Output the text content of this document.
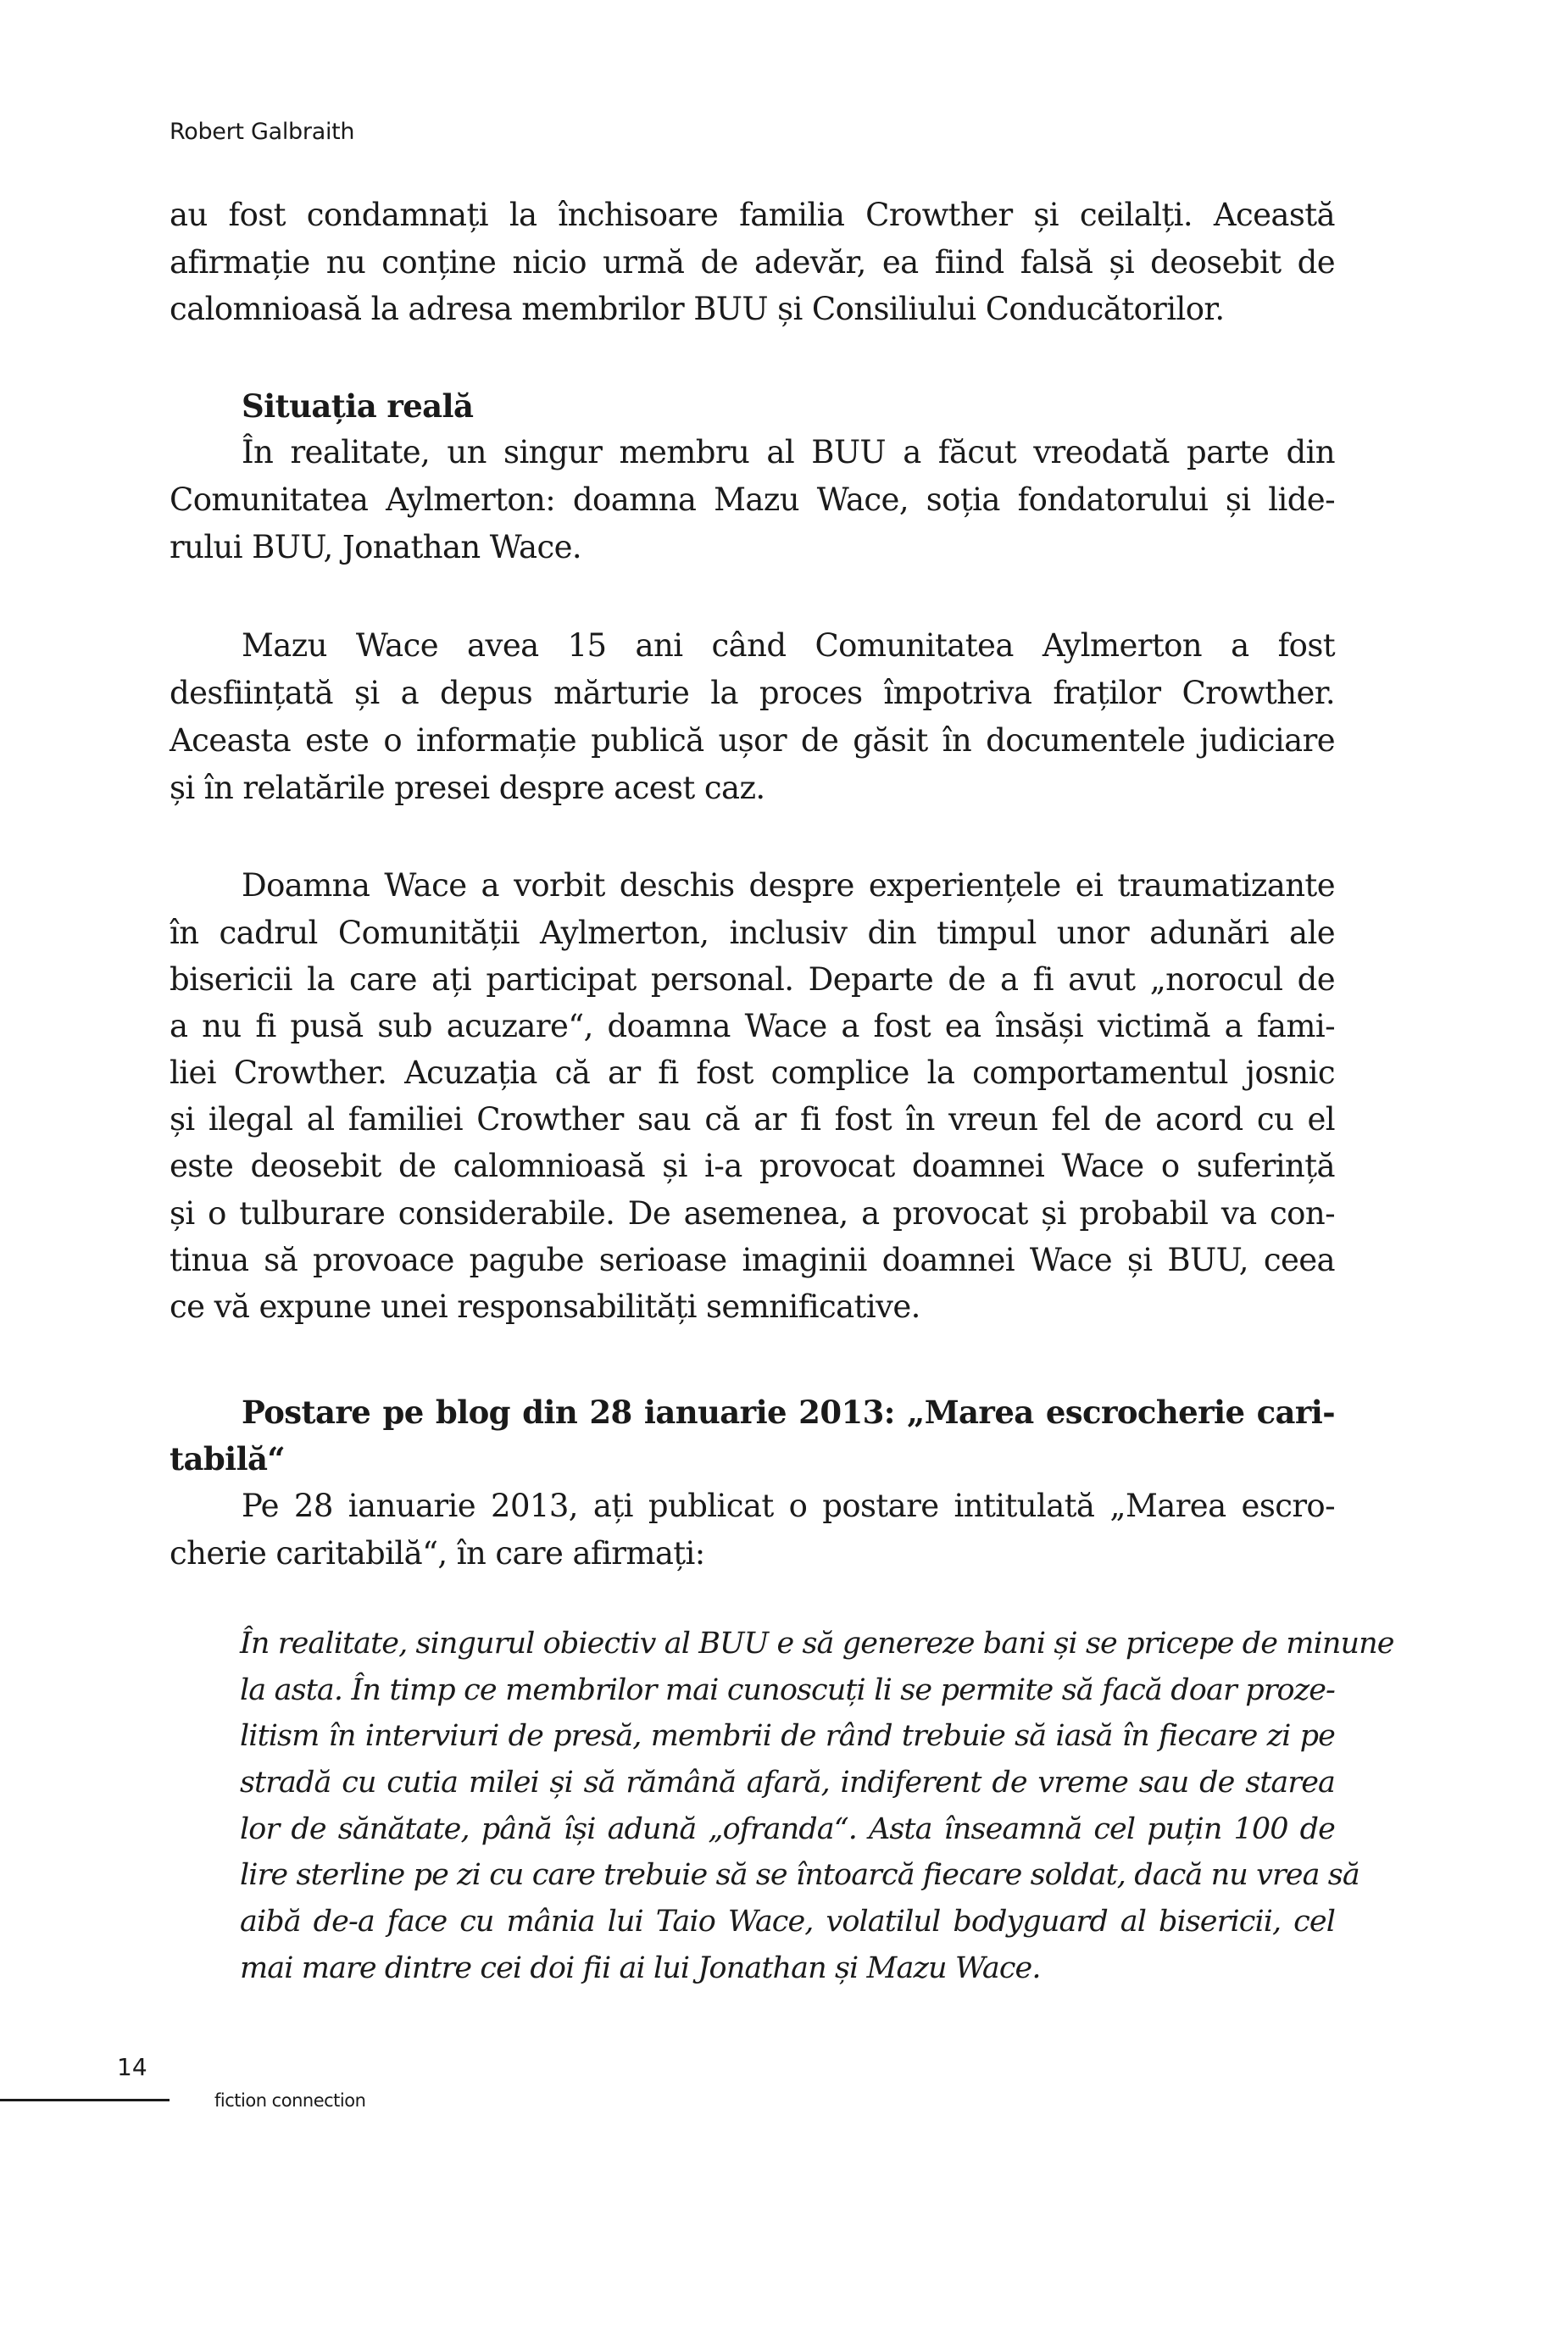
Robert Galbraith
au fost condamnați la închisoare familia Crowther și ceilalți. Această
afirmație nu conține nicio urmă de adevăr, ea fiind falsă și deosebit de
calomnioasă la adresa membrilor BUU și Consiliului Conducătorilor.
Situația reală
În realitate, un singur membru al BUU a făcut vreodată parte din
Comunitatea Aylmerton: doamna Mazu Wace, soția fondatorului și lide-
rului BUU, Jonathan Wace.
Mazu Wace avea 15 ani când Comunitatea Aylmerton a fost
desființată și a depus mărturie la proces împotriva fraților Crowther.
Aceasta este o informație publică ușor de găsit în documentele judiciare
și în relatările presei despre acest caz.
Doamna Wace a vorbit deschis despre experiențele ei traumatizante
în cadrul Comunității Aylmerton, inclusiv din timpul unor adunări ale
bisericii la care ați participat personal. Departe de a fi avut „norocul de
a nu fi pusă sub acuzare“, doamna Wace a fost ea însăși victimă a fami-
liei Crowther. Acuzația că ar fi fost complice la comportamentul josnic
și ilegal al familiei Crowther sau că ar fi fost în vreun fel de acord cu el
este deosebit de calomnioasă și i-a provocat doamnei Wace o suferință
și o tulburare considerabile. De asemenea, a provocat și probabil va con-
tinua să provoace pagube serioase imaginii doamnei Wace și BUU, ceea
ce vă expune unei responsabilități semnificative.
Postare pe blog din 28 ianuarie 2013: „Marea escrocherie cari-
tabilă“
Pe 28 ianuarie 2013, ați publicat o postare intitulată „Marea escro-
cherie caritabilă“, în care afirmați:
În realitate, singurul obiectiv al BUU e să genereze bani și se pricepe de minune
la asta. În timp ce membrilor mai cunoscuți li se permite să facă doar proze-
litism în interviuri de presă, membrii de rând trebuie să iasă în fiecare zi pe
stradă cu cutia milei și să rămână afară, indiferent de vreme sau de starea
lor de sănătate, până își adună „ofranda“. Asta înseamnă cel puțin 100 de
lire sterline pe zi cu care trebuie să se întoarcă fiecare soldat, dacă nu vrea să
aibă de-a face cu mânia lui Taio Wace, volatilul bodyguard al bisericii, cel
mai mare dintre cei doi fii ai lui Jonathan și Mazu Wace.
14
fiction connection
